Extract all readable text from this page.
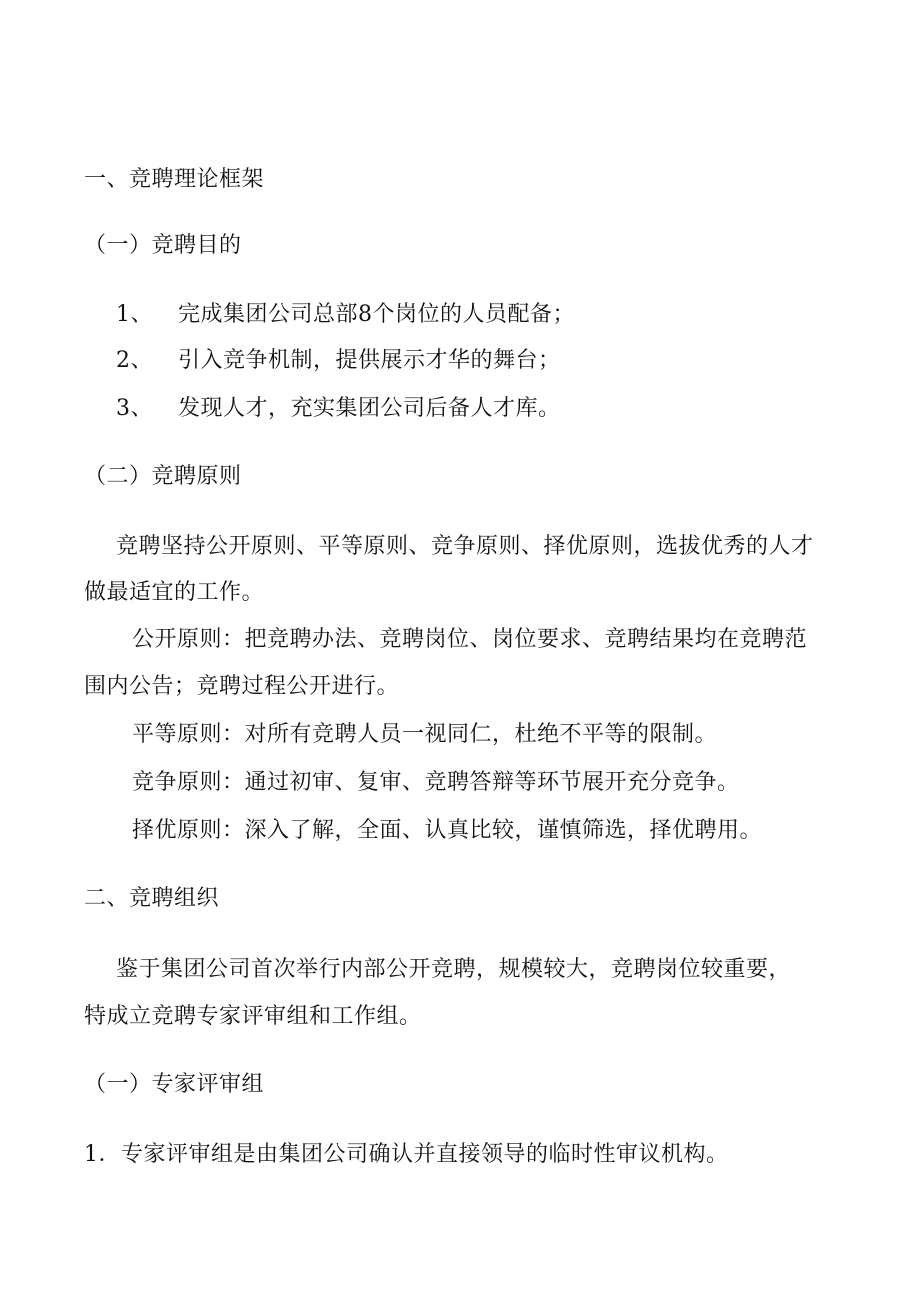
一、竞聘理论框架
（一）竞聘目的
1、 完成集团公司总部8个岗位的人员配备；
2、 引入竞争机制，提供展示才华的舞台；
3、 发现人才，充实集团公司后备人才库。
（二）竞聘原则
竞聘坚持公开原则、平等原则、竞争原则、择优原则，选拔优秀的人才
做最适宜的工作。
公开原则：把竞聘办法、竞聘岗位、岗位要求、竞聘结果均在竞聘范
围内公告；竞聘过程公开进行。
平等原则：对所有竞聘人员一视同仁，杜绝不平等的限制。
竞争原则：通过初审、复审、竞聘答辩等环节展开充分竞争。
择优原则：深入了解，全面、认真比较，谨慎筛选，择优聘用。
二、竞聘组织
鉴于集团公司首次举行内部公开竞聘，规模较大，竞聘岗位较重要，
特成立竞聘专家评审组和工作组。
（一）专家评审组
1．专家评审组是由集团公司确认并直接领导的临时性审议机构。
